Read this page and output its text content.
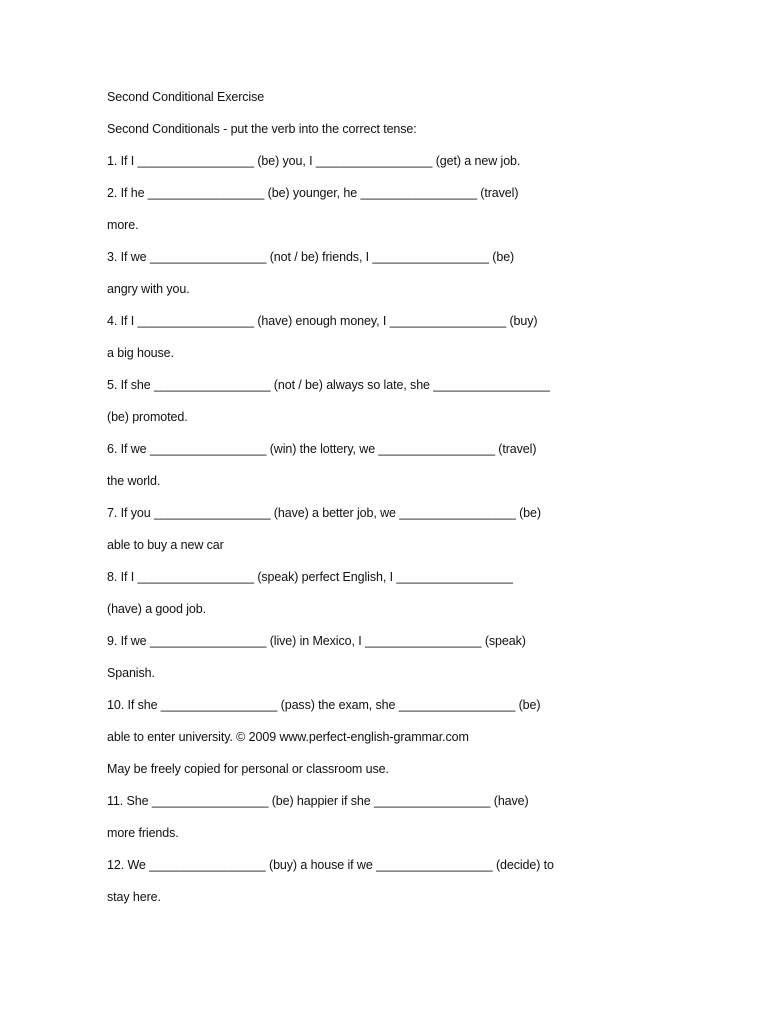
Second Conditional Exercise
Second Conditionals - put the verb into the correct tense:
1. If I _________________ (be) you, I _________________ (get) a new job.
2. If he _________________ (be) younger, he _________________ (travel)
more.
3. If we _________________ (not / be) friends, I _________________ (be)
angry with you.
4. If I _________________ (have) enough money, I _________________ (buy)
a big house.
5. If she _________________ (not / be) always so late, she _________________
(be) promoted.
6. If we _________________ (win) the lottery, we _________________ (travel)
the world.
7. If you _________________ (have) a better job, we _________________ (be)
able to buy a new car
8. If I _________________ (speak) perfect English, I _________________
(have) a good job.
9. If we _________________ (live) in Mexico, I _________________ (speak)
Spanish.
10. If she _________________ (pass) the exam, she _________________ (be)
able to enter university. © 2009 www.perfect-english-grammar.com
May be freely copied for personal or classroom use.
11. She _________________ (be) happier if she _________________ (have)
more friends.
12. We _________________ (buy) a house if we _________________ (decide) to
stay here.
